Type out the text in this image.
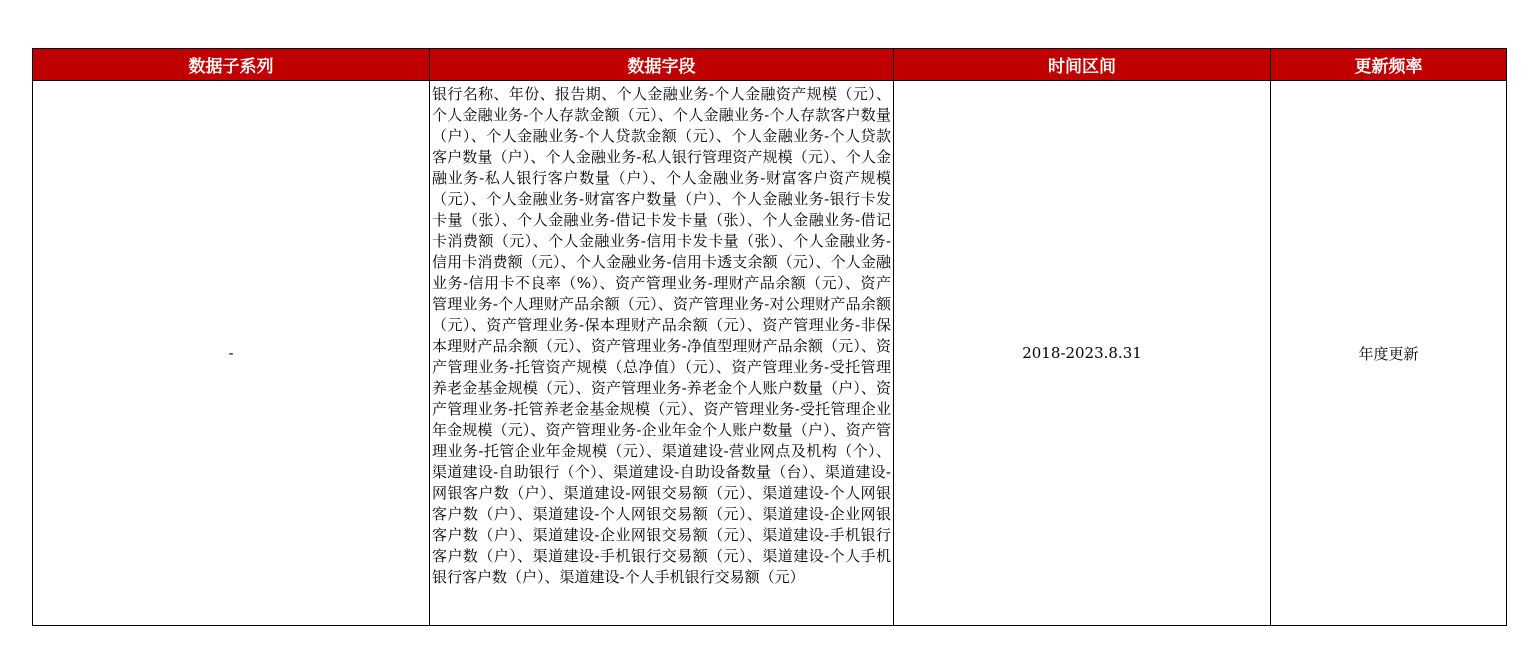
数据子系列	数据字段	时间区间	更新频率
-	银行名称、年份、报告期、个人金融业务-个人金融资产规模（元）、个人金融业务-个人存款金额（元）、个人金融业务-个人存款客户数量（户）、个人金融业务-个人贷款金额（元）、个人金融业务-个人贷款客户数量（户）、个人金融业务-私人银行管理资产规模（元）、个人金融业务-私人银行客户数量（户）、个人金融业务-财富客户资产规模（元）、个人金融业务-财富客户数量（户）、个人金融业务-银行卡发卡量（张）、个人金融业务-借记卡发卡量（张）、个人金融业务-借记卡消费额（元）、个人金融业务-信用卡发卡量（张）、个人金融业务-信用卡消费额（元）、个人金融业务-信用卡透支余额（元）、个人金融业务-信用卡不良率（%）、资产管理业务-理财产品余额（元）、资产管理业务-个人理财产品余额（元）、资产管理业务-对公理财产品余额（元）、资产管理业务-保本理财产品余额（元）、资产管理业务-非保本理财产品余额（元）、资产管理业务-净值型理财产品余额（元）、资产管理业务-托管资产规模（总净值）（元）、资产管理业务-受托管理养老金基金规模（元）、资产管理业务-养老金个人账户数量（户）、资产管理业务-托管养老金基金规模（元）、资产管理业务-受托管理企业年金规模（元）、资产管理业务-企业年金个人账户数量（户）、资产管理业务-托管企业年金规模（元）、渠道建设-营业网点及机构（个）、渠道建设-自助银行（个）、渠道建设-自助设备数量（台）、渠道建设-网银客户数（户）、渠道建设-网银交易额（元）、渠道建设-个人网银客户数（户）、渠道建设-个人网银交易额（元）、渠道建设-企业网银客户数（户）、渠道建设-企业网银交易额（元）、渠道建设-手机银行客户数（户）、渠道建设-手机银行交易额（元）、渠道建设-个人手机银行客户数（户）、渠道建设-个人手机银行交易额（元）	2018-2023.8.31	年度更新
